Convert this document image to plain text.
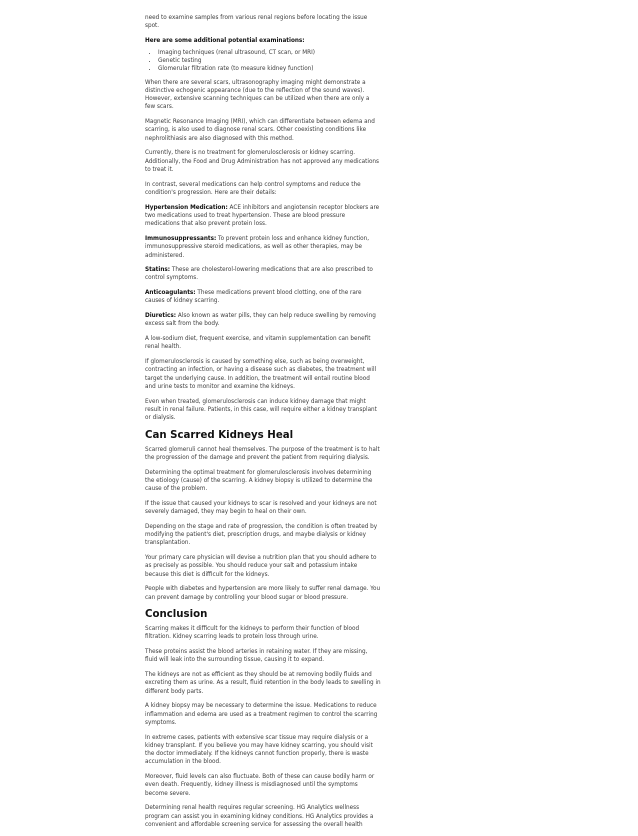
need to examine samples from various renal regions before locating the issue spot.

Here are some additional potential examinations:

• Imaging techniques (renal ultrasound, CT scan, or MRI)
• Genetic testing
• Glomerular filtration rate (to measure kidney function)

When there are several scars, ultrasonography imaging might demonstrate a distinctive echogenic appearance (due to the reflection of the sound waves). However, extensive scanning techniques can be utilized when there are only a few scars.

Magnetic Resonance Imaging (MRI), which can differentiate between edema and scarring, is also used to diagnose renal scars. Other coexisting conditions like nephrolithiasis are also diagnosed with this method.

Currently, there is no treatment for glomerulosclerosis or kidney scarring. Additionally, the Food and Drug Administration has not approved any medications to treat it.

In contrast, several medications can help control symptoms and reduce the condition's progression. Here are their details:

Hypertension Medication: ACE inhibitors and angiotensin receptor blockers are two medications used to treat hypertension. These are blood pressure medications that also prevent protein loss.

Immunosuppressants: To prevent protein loss and enhance kidney function, immunosuppressive steroid medications, as well as other therapies, may be administered.

Statins: These are cholesterol-lowering medications that are also prescribed to control symptoms.

Anticoagulants: These medications prevent blood clotting, one of the rare causes of kidney scarring.

Diuretics: Also known as water pills, they can help reduce swelling by removing excess salt from the body.

A low-sodium diet, frequent exercise, and vitamin supplementation can benefit renal health.

If glomerulosclerosis is caused by something else, such as being overweight, contracting an infection, or having a disease such as diabetes, the treatment will target the underlying cause. In addition, the treatment will entail routine blood and urine tests to monitor and examine the kidneys.

Even when treated, glomerulosclerosis can induce kidney damage that might result in renal failure. Patients, in this case, will require either a kidney transplant or dialysis.

Can Scarred Kidneys Heal

Scarred glomeruli cannot heal themselves. The purpose of the treatment is to halt the progression of the damage and prevent the patient from requiring dialysis.

Determining the optimal treatment for glomerulosclerosis involves determining the etiology (cause) of the scarring. A kidney biopsy is utilized to determine the cause of the problem.

If the issue that caused your kidneys to scar is resolved and your kidneys are not severely damaged, they may begin to heal on their own.

Depending on the stage and rate of progression, the condition is often treated by modifying the patient's diet, prescription drugs, and maybe dialysis or kidney transplantation.

Your primary care physician will devise a nutrition plan that you should adhere to as precisely as possible. You should reduce your salt and potassium intake because this diet is difficult for the kidneys.

People with diabetes and hypertension are more likely to suffer renal damage. You can prevent damage by controlling your blood sugar or blood pressure.

Conclusion

Scarring makes it difficult for the kidneys to perform their function of blood filtration. Kidney scarring leads to protein loss through urine.

These proteins assist the blood arteries in retaining water. If they are missing, fluid will leak into the surrounding tissue, causing it to expand.

The kidneys are not as efficient as they should be at removing bodily fluids and excreting them as urine. As a result, fluid retention in the body leads to swelling in different body parts.

A kidney biopsy may be necessary to determine the issue. Medications to reduce inflammation and edema are used as a treatment regimen to control the scarring symptoms.

In extreme cases, patients with extensive scar tissue may require dialysis or a kidney transplant. If you believe you may have kidney scarring, you should visit the doctor immediately. If the kidneys cannot function properly, there is waste accumulation in the blood.

Moreover, fluid levels can also fluctuate. Both of these can cause bodily harm or even death. Frequently, kidney illness is misdiagnosed until the symptoms become severe.

Determining renal health requires regular screening. HG Analytics wellness program can assist you in examining kidney conditions. HG Analytics provides a convenient and affordable screening service for assessing the overall health
